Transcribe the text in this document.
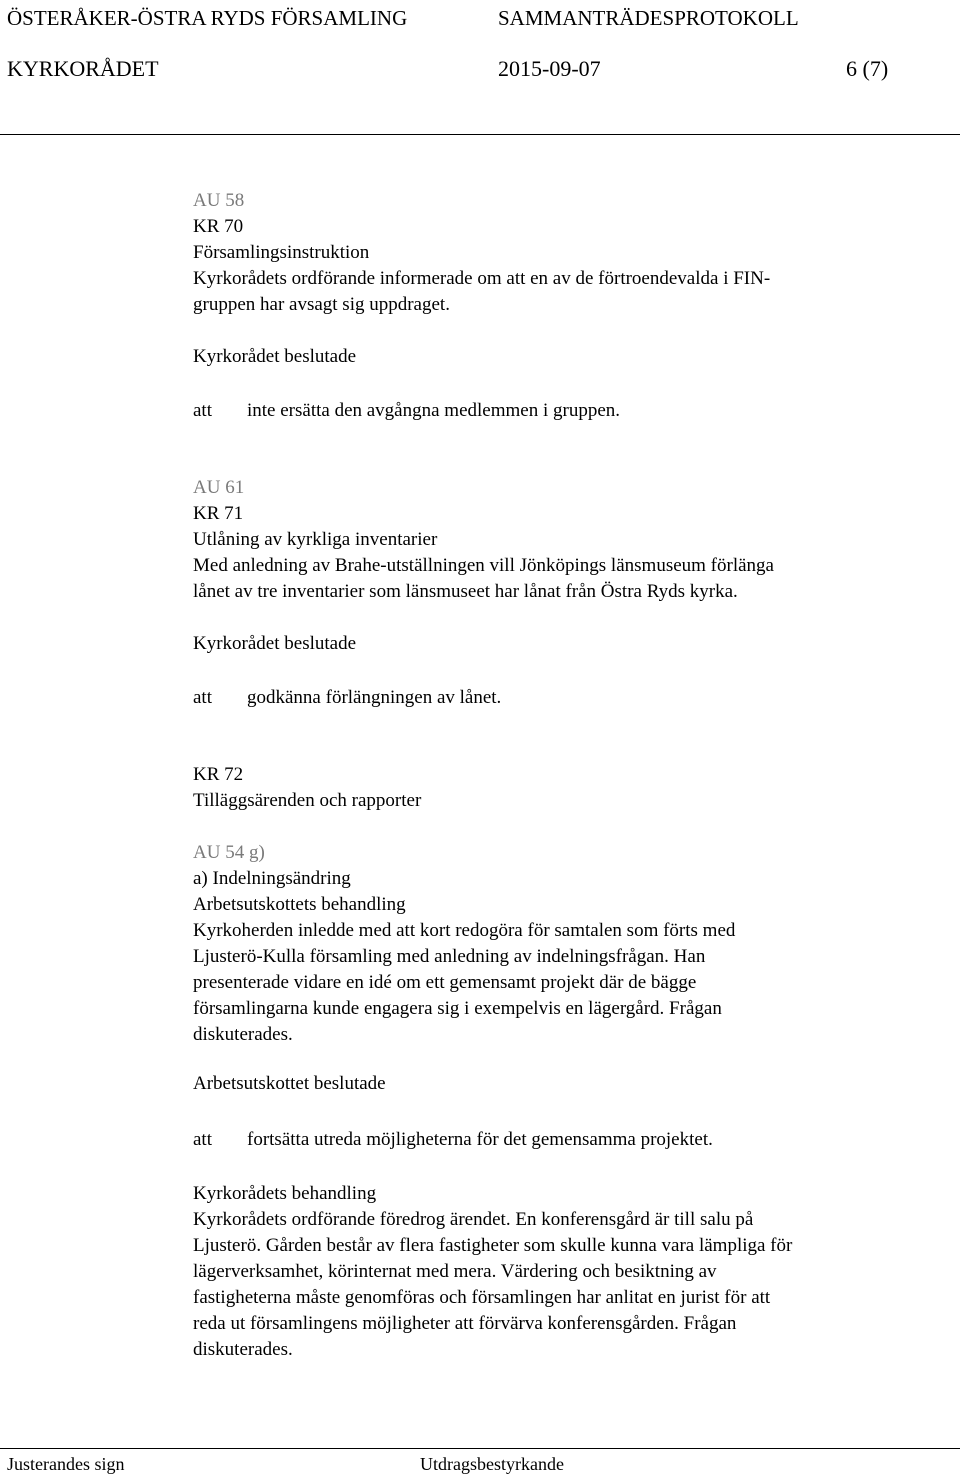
ÖSTERÅKER-ÖSTRA RYDS FÖRSAMLING	SAMMANTRÄDESPROTOKOLL
KYRKORÅDET	2015-09-07	6 (7)
AU 58
KR 70
Församlingsinstruktion
Kyrkorådets ordförande informerade om att en av de förtroendevalda i FIN-
gruppen har avsagt sig uppdraget.
Kyrkorådet beslutade
att inte ersätta den avgångna medlemmen i gruppen.
AU 61
KR 71
Utlåning av kyrkliga inventarier
Med anledning av Brahe-utställningen vill Jönköpings länsmuseum förlänga
lånet av tre inventarier som länsmuseet har lånat från Östra Ryds kyrka.
Kyrkorådet beslutade
att godkänna förlängningen av lånet.
KR 72
Tilläggsärenden och rapporter
AU 54 g)
a) Indelningsändring
Arbetsutskottets behandling
Kyrkoherden inledde med att kort redogöra för samtalen som förts med
Ljusterö-Kulla församling med anledning av indelningsfrågan. Han
presenterade vidare en idé om ett gemensamt projekt där de bägge
församlingarna kunde engagera sig i exempelvis en lägergård. Frågan
diskuterades.
Arbetsutskottet beslutade
att fortsätta utreda möjligheterna för det gemensamma projektet.
Kyrkorådets behandling
Kyrkorådets ordförande föredrog ärendet. En konferensgård är till salu på
Ljusterö. Gården består av flera fastigheter som skulle kunna vara lämpliga för
lägerverksamhet, körinternat med mera. Värdering och besiktning av
fastigheterna måste genomföras och församlingen har anlitat en jurist för att
reda ut församlingens möjligheter att förvärva konferensgården. Frågan
diskuterades.
Justerandes sign	Utdragsbestyrkande
